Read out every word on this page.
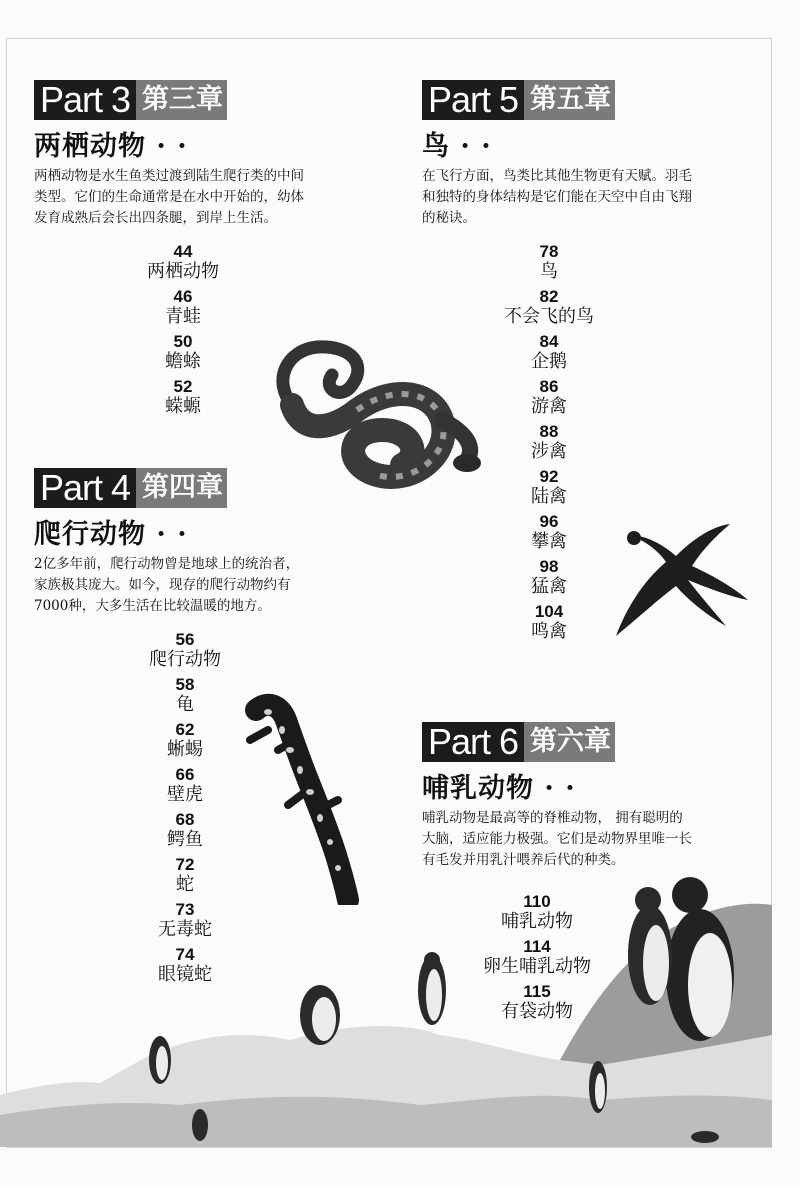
Part 3 第三章
两栖动物 · ·
两栖动物是水生鱼类过渡到陆生爬行类的中间
类型。它们的生命通常是在水中开始的，幼体
发育成熟后会长出四条腿，到岸上生活。
44
两栖动物
46
青蛙
50
蟾蜍
52
蝾螈
Part 4 第四章
爬行动物 · ·
2亿多年前，爬行动物曾是地球上的统治者，
家族极其庞大。如今，现存的爬行动物约有
7000种，大多生活在比较温暖的地方。
56
爬行动物
58
龟
62
蜥蜴
66
壁虎
68
鳄鱼
72
蛇
73
无毒蛇
74
眼镜蛇
Part 5 第五章
鸟 · ·
在飞行方面，鸟类比其他生物更有天赋。羽毛
和独特的身体结构是它们能在天空中自由飞翔
的秘诀。
78
鸟
82
不会飞的鸟
84
企鹅
86
游禽
88
涉禽
92
陆禽
96
攀禽
98
猛禽
104
鸣禽
Part 6 第六章
哺乳动物 · ·
哺乳动物是最高等的脊椎动物， 拥有聪明的
大脑，适应能力极强。它们是动物界里唯一长
有毛发并用乳汁喂养后代的种类。
110
哺乳动物
114
卵生哺乳动物
115
有袋动物
